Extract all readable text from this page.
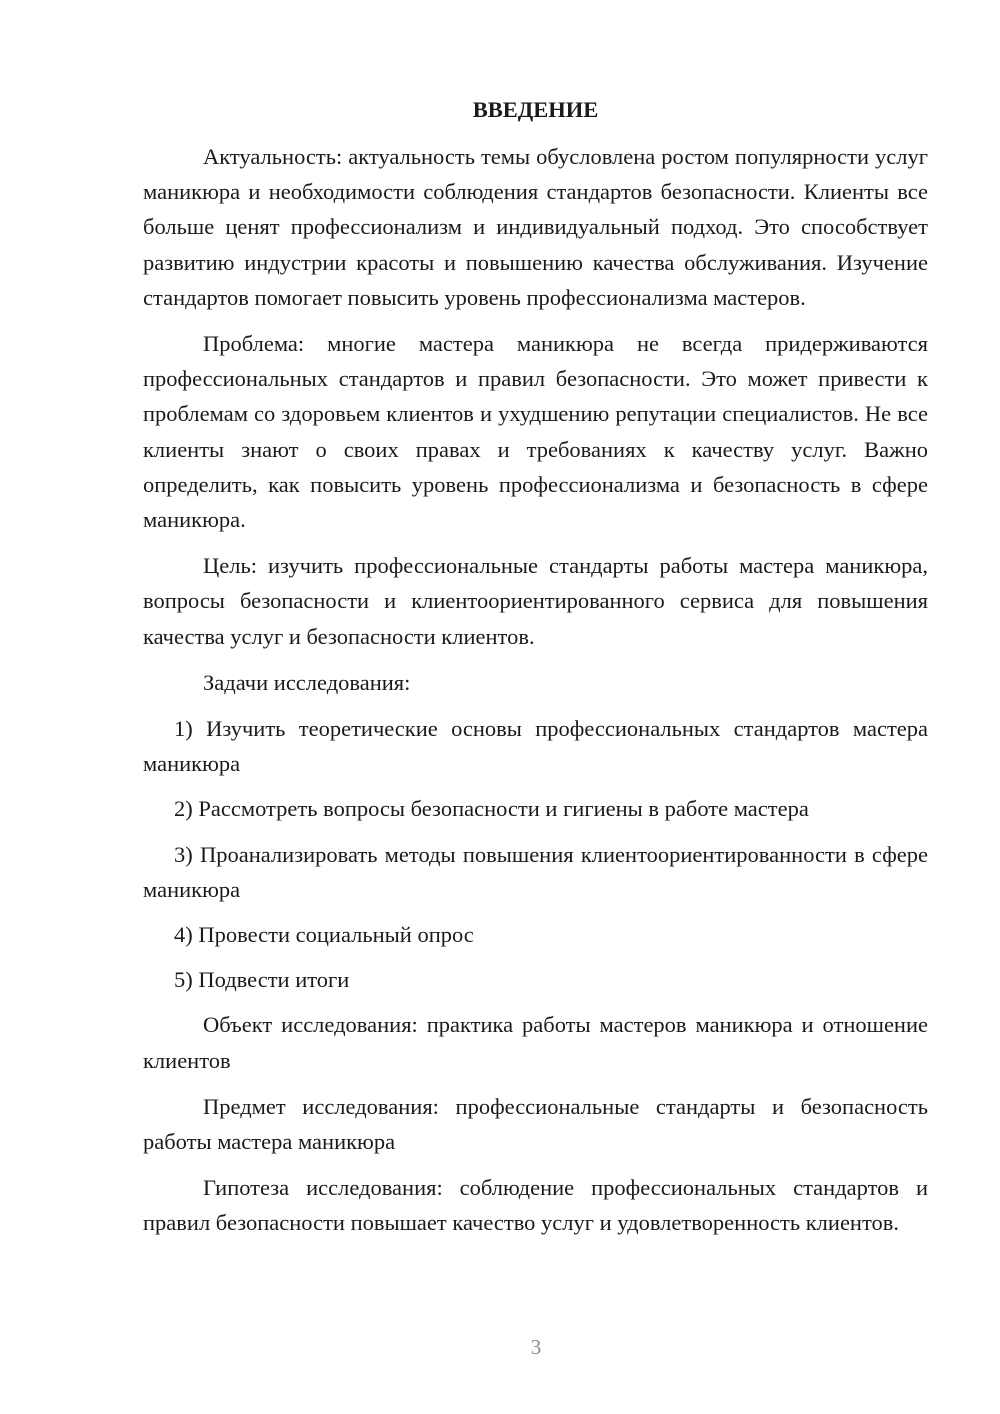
ВВЕДЕНИЕ

Актуальность: актуальность темы обусловлена ростом популярности услуг маникюра и необходимости соблюдения стандартов безопасности. Клиенты все больше ценят профессионализм и индивидуальный подход. Это способствует развитию индустрии красоты и повышению качества обслуживания. Изучение стандартов помогает повысить уровень профессионализма мастеров.

Проблема: многие мастера маникюра не всегда придерживаются профессиональных стандартов и правил безопасности. Это может привести к проблемам со здоровьем клиентов и ухудшению репутации специалистов. Не все клиенты знают о своих правах и требованиях к качеству услуг. Важно определить, как повысить уровень профессионализма и безопасность в сфере маникюра.

Цель: изучить профессиональные стандарты работы мастера маникюра, вопросы безопасности и клиентоориентированного сервиса для повышения качества услуг и безопасности клиентов.

Задачи исследования:

1) Изучить теоретические основы профессиональных стандартов мастера маникюра

2) Рассмотреть вопросы безопасности и гигиены в работе мастера

3) Проанализировать методы повышения клиентоориентированности в сфере маникюра

4) Провести социальный опрос

5) Подвести итоги

Объект исследования: практика работы мастеров маникюра и отношение клиентов

Предмет исследования: профессиональные стандарты и безопасность работы мастера маникюра

Гипотеза исследования: соблюдение профессиональных стандартов и правил безопасности повышает качество услуг и удовлетворенность клиентов.

3
